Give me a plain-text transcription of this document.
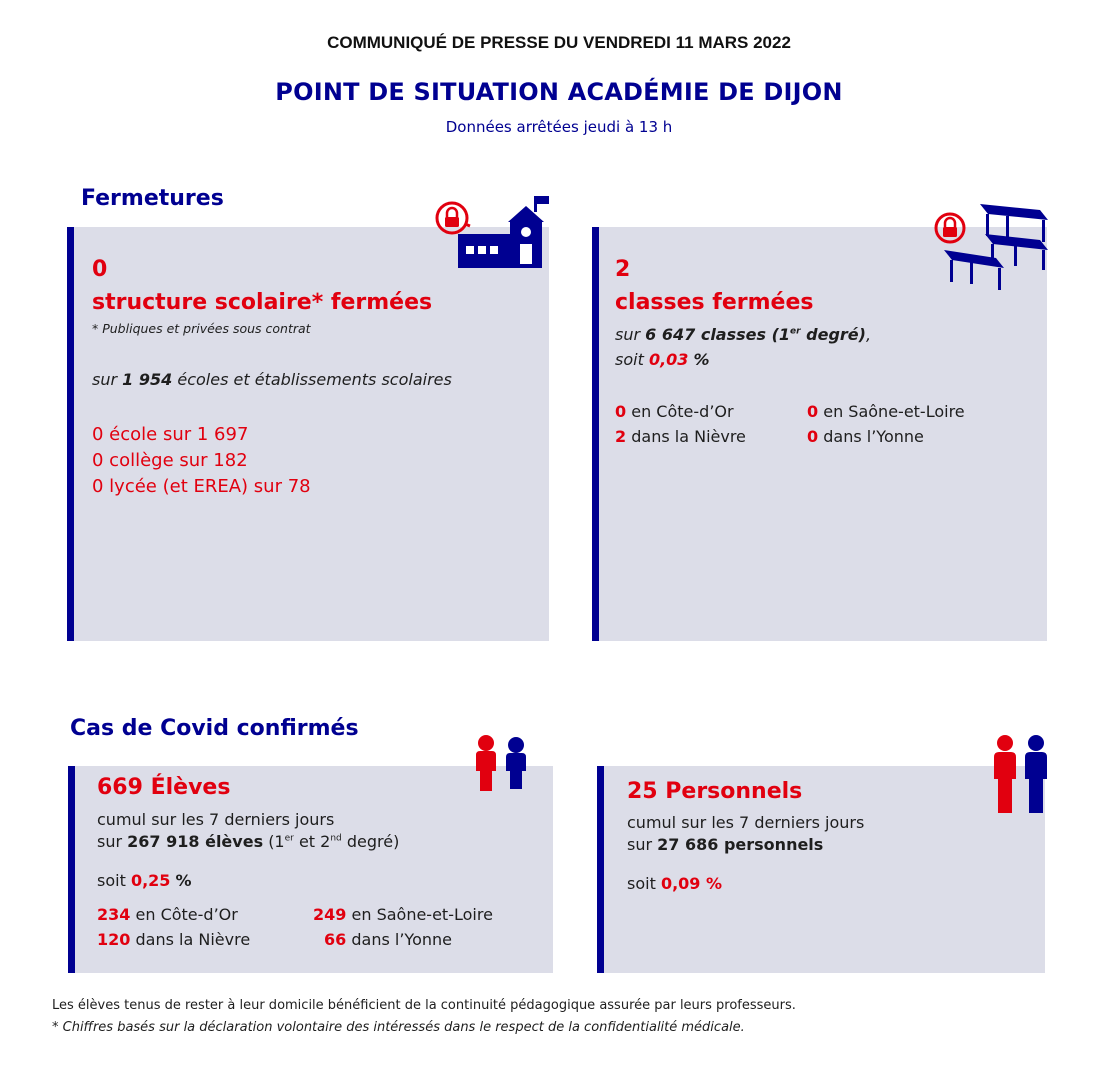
COMMUNIQUÉ DE PRESSE DU VENDREDI 11 MARS 2022
POINT DE SITUATION ACADÉMIE DE DIJON
Données arrêtées jeudi à 13 h
Fermetures
0
structure scolaire* fermées
* Publiques et privées sous contrat
sur 1 954 écoles et établissements scolaires
0 école sur 1 697
0 collège sur 182
0 lycée (et EREA) sur 78
2
classes fermées
sur 6 647 classes (1er degré),
soit 0,03 %
0 en Côte-d’Or	0 en Saône-et-Loire
2 dans la Nièvre	0 dans l’Yonne
Cas de Covid confirmés
669 Élèves
cumul sur les 7 derniers jours
sur 267 918 élèves (1er et 2nd degré)
soit 0,25 %
234 en Côte-d’Or	249 en Saône-et-Loire
120 dans la Nièvre	66 dans l’Yonne
25 Personnels
cumul sur les 7 derniers jours
sur 27 686 personnels
soit 0,09 %
Les élèves tenus de rester à leur domicile bénéficient de la continuité pédagogique assurée par leurs professeurs.
* Chiffres basés sur la déclaration volontaire des intéressés dans le respect de la confidentialité médicale.
